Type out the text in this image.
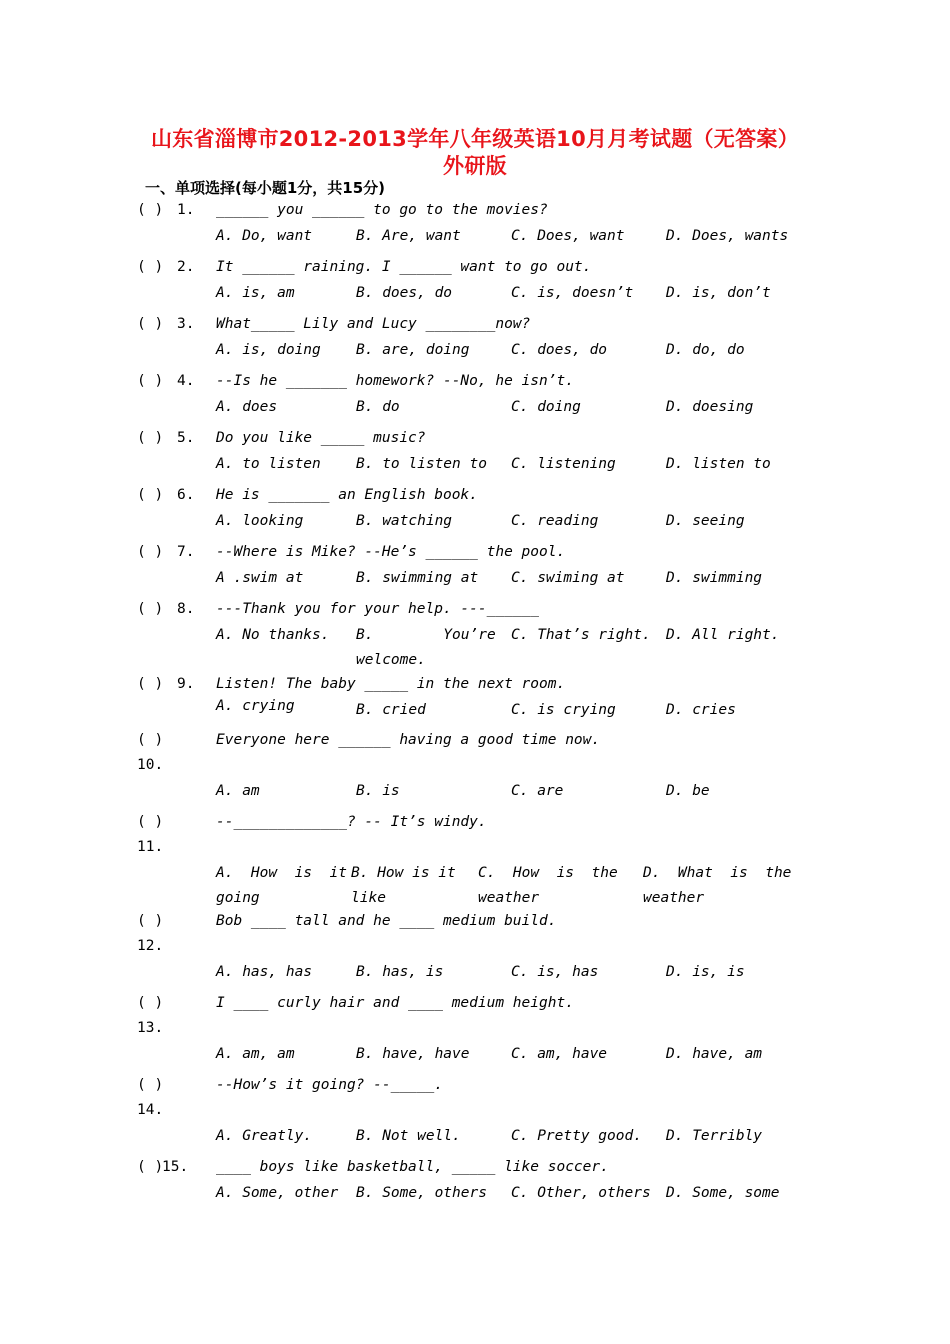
山东省淄博市2012-2013学年八年级英语10月月考试题（无答案）
外研版
一、单项选择(每小题1分，共15分)
( ) 1. ______ you ______ to go to the movies?
A. Do, want	B. Are, want	C. Does, want	D. Does, wants
( ) 2. It ______ raining. I ______ want to go out.
A. is, am	B. does, do	C. is, doesn’t D. is, don’t
( ) 3. What_____ Lily and Lucy ________now?
A. is, doing B. are, doing	C. does, do	D. do, do
( ) 4. --Is he _______ homework? --No, he isn’t.
A. does	B. do	C. doing	D. doesing
( ) 5. Do you like _____ music?
A. to listen B. to listen to C. listening	D. listen to
( ) 6. He is _______ an English book.
A. looking	B. watching	C. reading	D. seeing
( ) 7. --Where is Mike? --He’s ______ the pool.
A .swim at	B. swimming at C. swiming at	D. swimming
( ) 8. ---Thank you for your help. ---______
A. No thanks. B.        You’re
welcome.
C. That’s right. D. All right.
( ) 9. Listen! The baby _____ in the next room.
A. crying	B. cried	C. is crying	D. cries
( )
10.
Everyone here ______ having a good time now.
A. am	B. is	C. are	D. be
( )
11.
--_____________? -- It’s windy.
A.  How  is  it
going
B. How is it
like
C.  How  is  the
weather
D.  What  is  the
weather
( )
12.
Bob ____ tall and he ____ medium build.
A. has, has	B. has, is	C. is, has	D. is, is
( )
13.
I ____ curly hair and ____ medium height.
A. am, am	B. have, have	C. am, have	D. have, am
( )
14.
--How’s it going? --_____.
A. Greatly.	B. Not well.	C. Pretty good. D. Terribly
( )
15. ____ boys like basketball, _____ like soccer.
A. Some, other B. Some, others C. Other, others D. Some, some
